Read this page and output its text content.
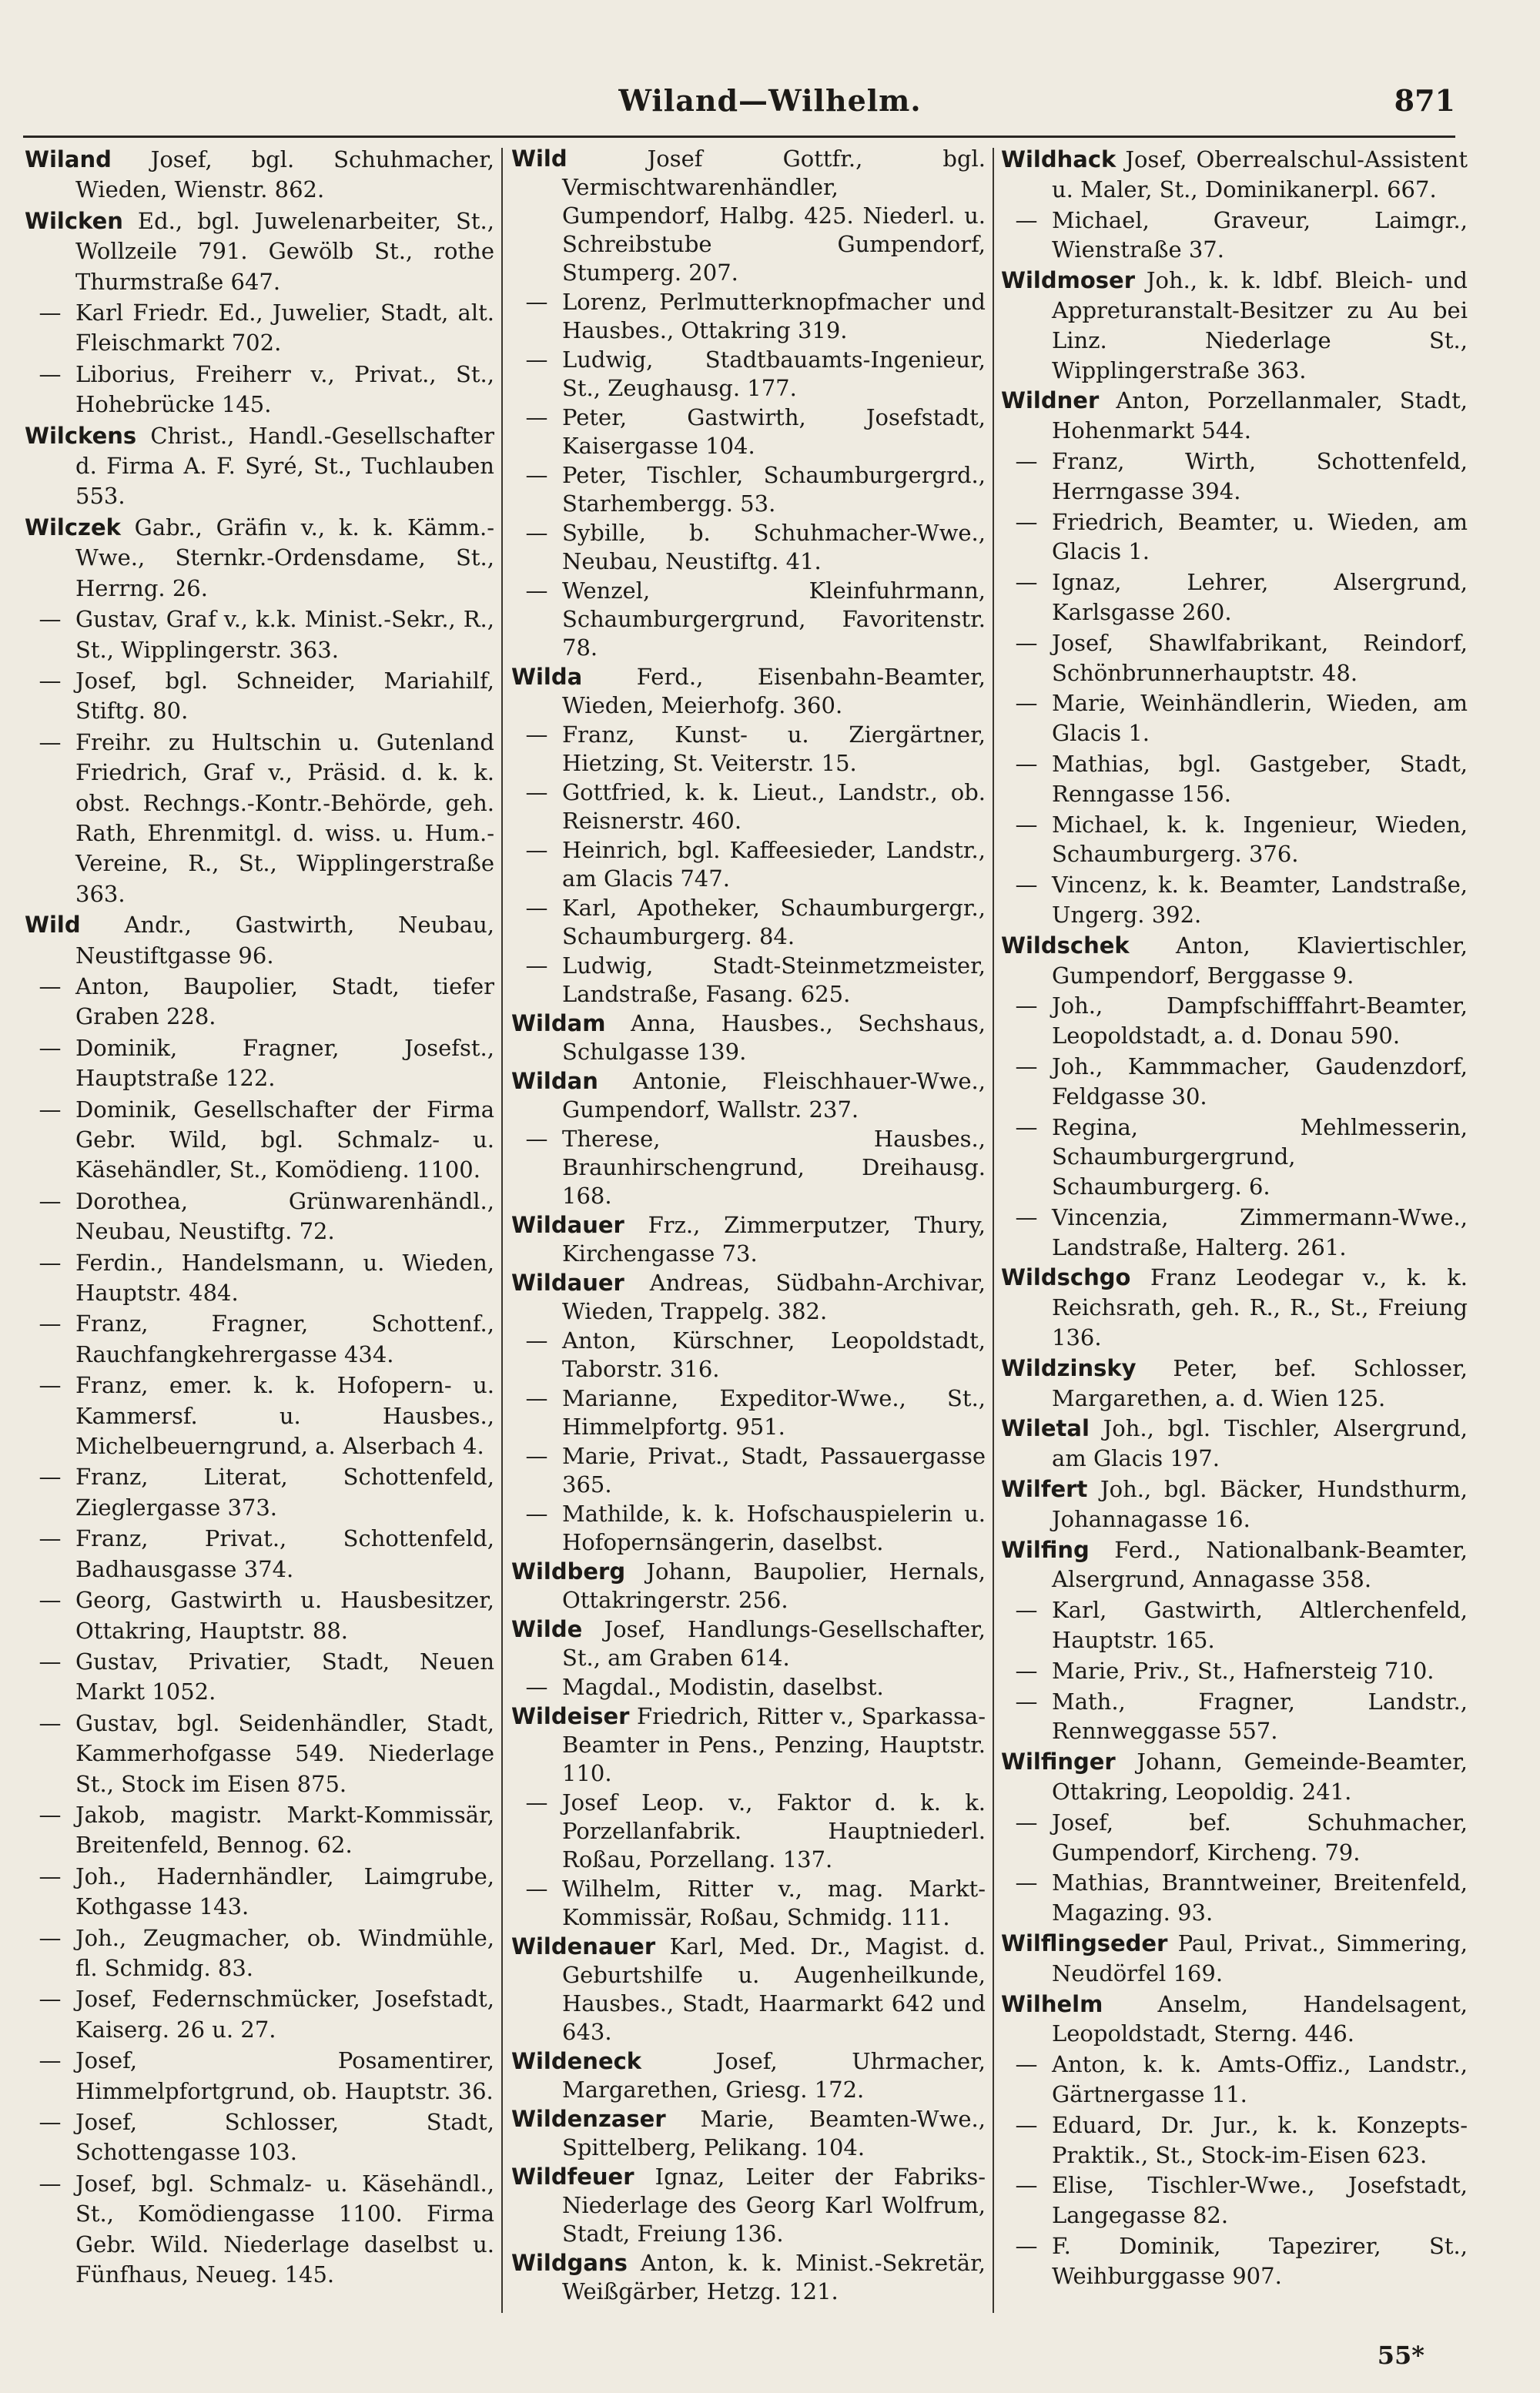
Wiland—Wilhelm.	871

Wiland Josef, bgl. Schuhmacher, Wieden, Wienstr. 862.

Wilcken Ed., bgl. Juwelenarbeiter, St., Wollzeile 791. Gewölb St., rothe Thurmstraße 647.

— Karl Friedr. Ed., Juwelier, Stadt, alt. Fleischmarkt 702.

— Liborius, Freiherr v., Privat., St., Hohebrücke 145.

Wilckens Christ., Handl.-Gesellschafter d. Firma A. F. Syré, St., Tuchlauben 553.

Wilczek Gabr., Gräfin v., k. k. Kämm.-Wwe., Sternkr.-Ordensdame, St., Herrng. 26.

— Gustav, Graf v., k.k. Minist.-Sekr., R., St., Wipplingerstr. 363.

— Josef, bgl. Schneider, Mariahilf, Stiftg. 80.

— Freihr. zu Hultschin u. Gutenland Friedrich, Graf v., Präsid. d. k. k. obst. Rechngs.-Kontr.-Behörde, geh. Rath, Ehrenmitgl. d. wiss. u. Hum.-Vereine, R., St., Wipplingerstraße 363.

Wild Andr., Gastwirth, Neubau, Neustiftgasse 96.

— Anton, Baupolier, Stadt, tiefer Graben 228.

— Dominik, Fragner, Josefst., Hauptstraße 122.

— Dominik, Gesellschafter der Firma Gebr. Wild, bgl. Schmalz- u. Käsehändler, St., Komödieng. 1100.

— Dorothea, Grünwarenhändl., Neubau, Neustiftg. 72.

— Ferdin., Handelsmann, u. Wieden, Hauptstr. 484.

— Franz, Fragner, Schottenf., Rauchfangkehrergasse 434.

— Franz, emer. k. k. Hofopern- u. Kammersf. u. Hausbes., Michelbeuerngrund, a. Alserbach 4.

— Franz, Literat, Schottenfeld, Zieglergasse 373.

— Franz, Privat., Schottenfeld, Badhausgasse 374.

— Georg, Gastwirth u. Hausbesitzer, Ottakring, Hauptstr. 88.

— Gustav, Privatier, Stadt, Neuen Markt 1052.

— Gustav, bgl. Seidenhändler, Stadt, Kammerhofgasse 549. Niederlage St., Stock im Eisen 875.

— Jakob, magistr. Markt-Kommissär, Breitenfeld, Bennog. 62.

— Joh., Hadernhändler, Laimgrube, Kothgasse 143.

— Joh., Zeugmacher, ob. Windmühle, fl. Schmidg. 83.

— Josef, Federnschmücker, Josefstadt, Kaiserg. 26 u. 27.

— Josef, Posamentirer, Himmelpfortgrund, ob. Hauptstr. 36.

— Josef, Schlosser, Stadt, Schottengasse 103.

— Josef, bgl. Schmalz- u. Käsehändl., St., Komödiengasse 1100. Firma Gebr. Wild. Niederlage daselbst u. Fünfhaus, Neueg. 145.

Wild Josef Gottfr., bgl. Vermischtwarenhändler, Gumpendorf, Halbg. 425. Niederl. u. Schreibstube Gumpendorf, Stumperg. 207.

— Lorenz, Perlmutterknopfmacher und Hausbes., Ottakring 319.

— Ludwig, Stadtbauamts-Ingenieur, St., Zeughausg. 177.

— Peter, Gastwirth, Josefstadt, Kaisergasse 104.

— Peter, Tischler, Schaumburgergrd., Starhembergg. 53.

— Sybille, b. Schuhmacher-Wwe., Neubau, Neustiftg. 41.

— Wenzel, Kleinfuhrmann, Schaumburgergrund, Favoritenstr. 78.

Wilda Ferd., Eisenbahn-Beamter, Wieden, Meierhofg. 360.

— Franz, Kunst- u. Ziergärtner, Hietzing, St. Veiterstr. 15.

— Gottfried, k. k. Lieut., Landstr., ob. Reisnerstr. 460.

— Heinrich, bgl. Kaffeesieder, Landstr., am Glacis 747.

— Karl, Apotheker, Schaumburgergr., Schaumburgerg. 84.

— Ludwig, Stadt-Steinmetzmeister, Landstraße, Fasang. 625.

Wildam Anna, Hausbes., Sechshaus, Schulgasse 139.

Wildan Antonie, Fleischhauer-Wwe., Gumpendorf, Wallstr. 237.

— Therese, Hausbes., Braunhirschengrund, Dreihausg. 168.

Wildauer Frz., Zimmerputzer, Thury, Kirchengasse 73.

Wildauer Andreas, Südbahn-Archivar, Wieden, Trappelg. 382.

— Anton, Kürschner, Leopoldstadt, Taborstr. 316.

— Marianne, Expeditor-Wwe., St., Himmelpfortg. 951.

— Marie, Privat., Stadt, Passauergasse 365.

— Mathilde, k. k. Hofschauspielerin u. Hofopernsängerin, daselbst.

Wildberg Johann, Baupolier, Hernals, Ottakringerstr. 256.

Wilde Josef, Handlungs-Gesellschafter, St., am Graben 614.

— Magdal., Modistin, daselbst.

Wildeiser Friedrich, Ritter v., Sparkassa-Beamter in Pens., Penzing, Hauptstr. 110.

— Josef Leop. v., Faktor d. k. k. Porzellanfabrik. Hauptniederl. Roßau, Porzellang. 137.

— Wilhelm, Ritter v., mag. Markt-Kommissär, Roßau, Schmidg. 111.

Wildenauer Karl, Med. Dr., Magist. d. Geburtshilfe u. Augenheilkunde, Hausbes., Stadt, Haarmarkt 642 und 643.

Wildeneck Josef, Uhrmacher, Margarethen, Griesg. 172.

Wildenzaser Marie, Beamten-Wwe., Spittelberg, Pelikang. 104.

Wildfeuer Ignaz, Leiter der Fabriks-Niederlage des Georg Karl Wolfrum, Stadt, Freiung 136.

Wildgans Anton, k. k. Minist.-Sekretär, Weißgärber, Hetzg. 121.

Wildhack Josef, Oberrealschul-Assistent u. Maler, St., Dominikanerpl. 667.

— Michael, Graveur, Laimgr., Wienstraße 37.

Wildmoser Joh., k. k. ldbf. Bleich- und Appreturanstalt-Besitzer zu Au bei Linz. Niederlage St., Wipplingerstraße 363.

Wildner Anton, Porzellanmaler, Stadt, Hohenmarkt 544.

— Franz, Wirth, Schottenfeld, Herrngasse 394.

— Friedrich, Beamter, u. Wieden, am Glacis 1.

— Ignaz, Lehrer, Alsergrund, Karlsgasse 260.

— Josef, Shawlfabrikant, Reindorf, Schönbrunnerhauptstr. 48.

— Marie, Weinhändlerin, Wieden, am Glacis 1.

— Mathias, bgl. Gastgeber, Stadt, Renngasse 156.

— Michael, k. k. Ingenieur, Wieden, Schaumburgerg. 376.

— Vincenz, k. k. Beamter, Landstraße, Ungerg. 392.

Wildschek Anton, Klaviertischler, Gumpendorf, Berggasse 9.

— Joh., Dampfschifffahrt-Beamter, Leopoldstadt, a. d. Donau 590.

— Joh., Kammmacher, Gaudenzdorf, Feldgasse 30.

— Regina, Mehlmesserin, Schaumburgergrund, Schaumburgerg. 6.

— Vincenzia, Zimmermann-Wwe., Landstraße, Halterg. 261.

Wildschgo Franz Leodegar v., k. k. Reichsrath, geh. R., R., St., Freiung 136.

Wildzinsky Peter, bef. Schlosser, Margarethen, a. d. Wien 125.

Wiletal Joh., bgl. Tischler, Alsergrund, am Glacis 197.

Wilfert Joh., bgl. Bäcker, Hundsthurm, Johannagasse 16.

Wilfing Ferd., Nationalbank-Beamter, Alsergrund, Annagasse 358.

— Karl, Gastwirth, Altlerchenfeld, Hauptstr. 165.

— Marie, Priv., St., Hafnersteig 710.

— Math., Fragner, Landstr., Rennweggasse 557.

Wilfinger Johann, Gemeinde-Beamter, Ottakring, Leopoldig. 241.

— Josef, bef. Schuhmacher, Gumpendorf, Kircheng. 79.

— Mathias, Branntweiner, Breitenfeld, Magazing. 93.

Wilflingseder Paul, Privat., Simmering, Neudörfel 169.

Wilhelm Anselm, Handelsagent, Leopoldstadt, Sterng. 446.

— Anton, k. k. Amts-Offiz., Landstr., Gärtnergasse 11.

— Eduard, Dr. Jur., k. k. Konzepts-Praktik., St., Stock-im-Eisen 623.

— Elise, Tischler-Wwe., Josefstadt, Langegasse 82.

— F. Dominik, Tapezirer, St., Weihburggasse 907.

55*
